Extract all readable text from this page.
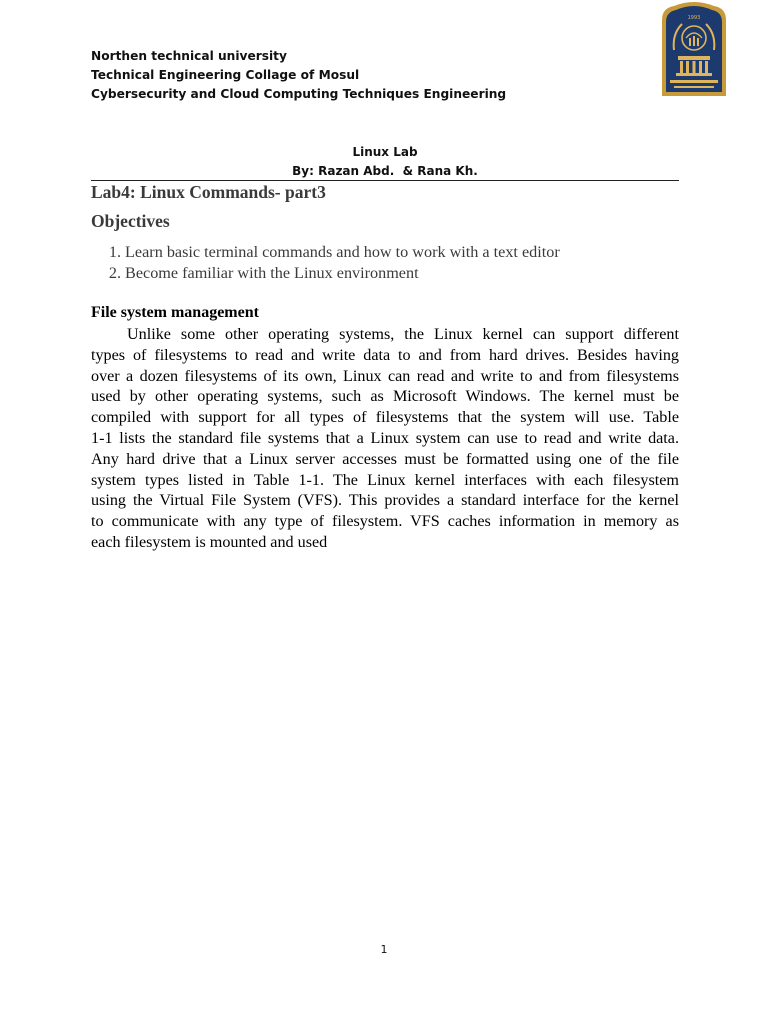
Northen technical university
Technical Engineering Collage of Mosul
Cybersecurity and Cloud Computing Techniques Engineering
1993
Linux Lab
By: Razan Abd.  & Rana Kh.
Lab4: Linux Commands- part3
Objectives
1. Learn basic terminal commands and how to work with a text editor
2. Become familiar with the Linux environment
File system management
Unlike some other operating systems, the Linux kernel can support different
types of filesystems to read and write data to and from hard drives. Besides having
over a dozen filesystems of its own, Linux can read and write to and from filesystems
used by other operating systems, such as Microsoft Windows. The kernel must be
compiled with support for all types of filesystems that the system will use. Table
1-1 lists the standard file systems that a Linux system can use to read and write data.
Any hard drive that a Linux server accesses must be formatted using one of the file
system types listed in Table 1-1. The Linux kernel interfaces with each filesystem
using the Virtual File System (VFS). This provides a standard interface for the kernel
to communicate with any type of filesystem. VFS caches information in memory as
each filesystem is mounted and used
1
